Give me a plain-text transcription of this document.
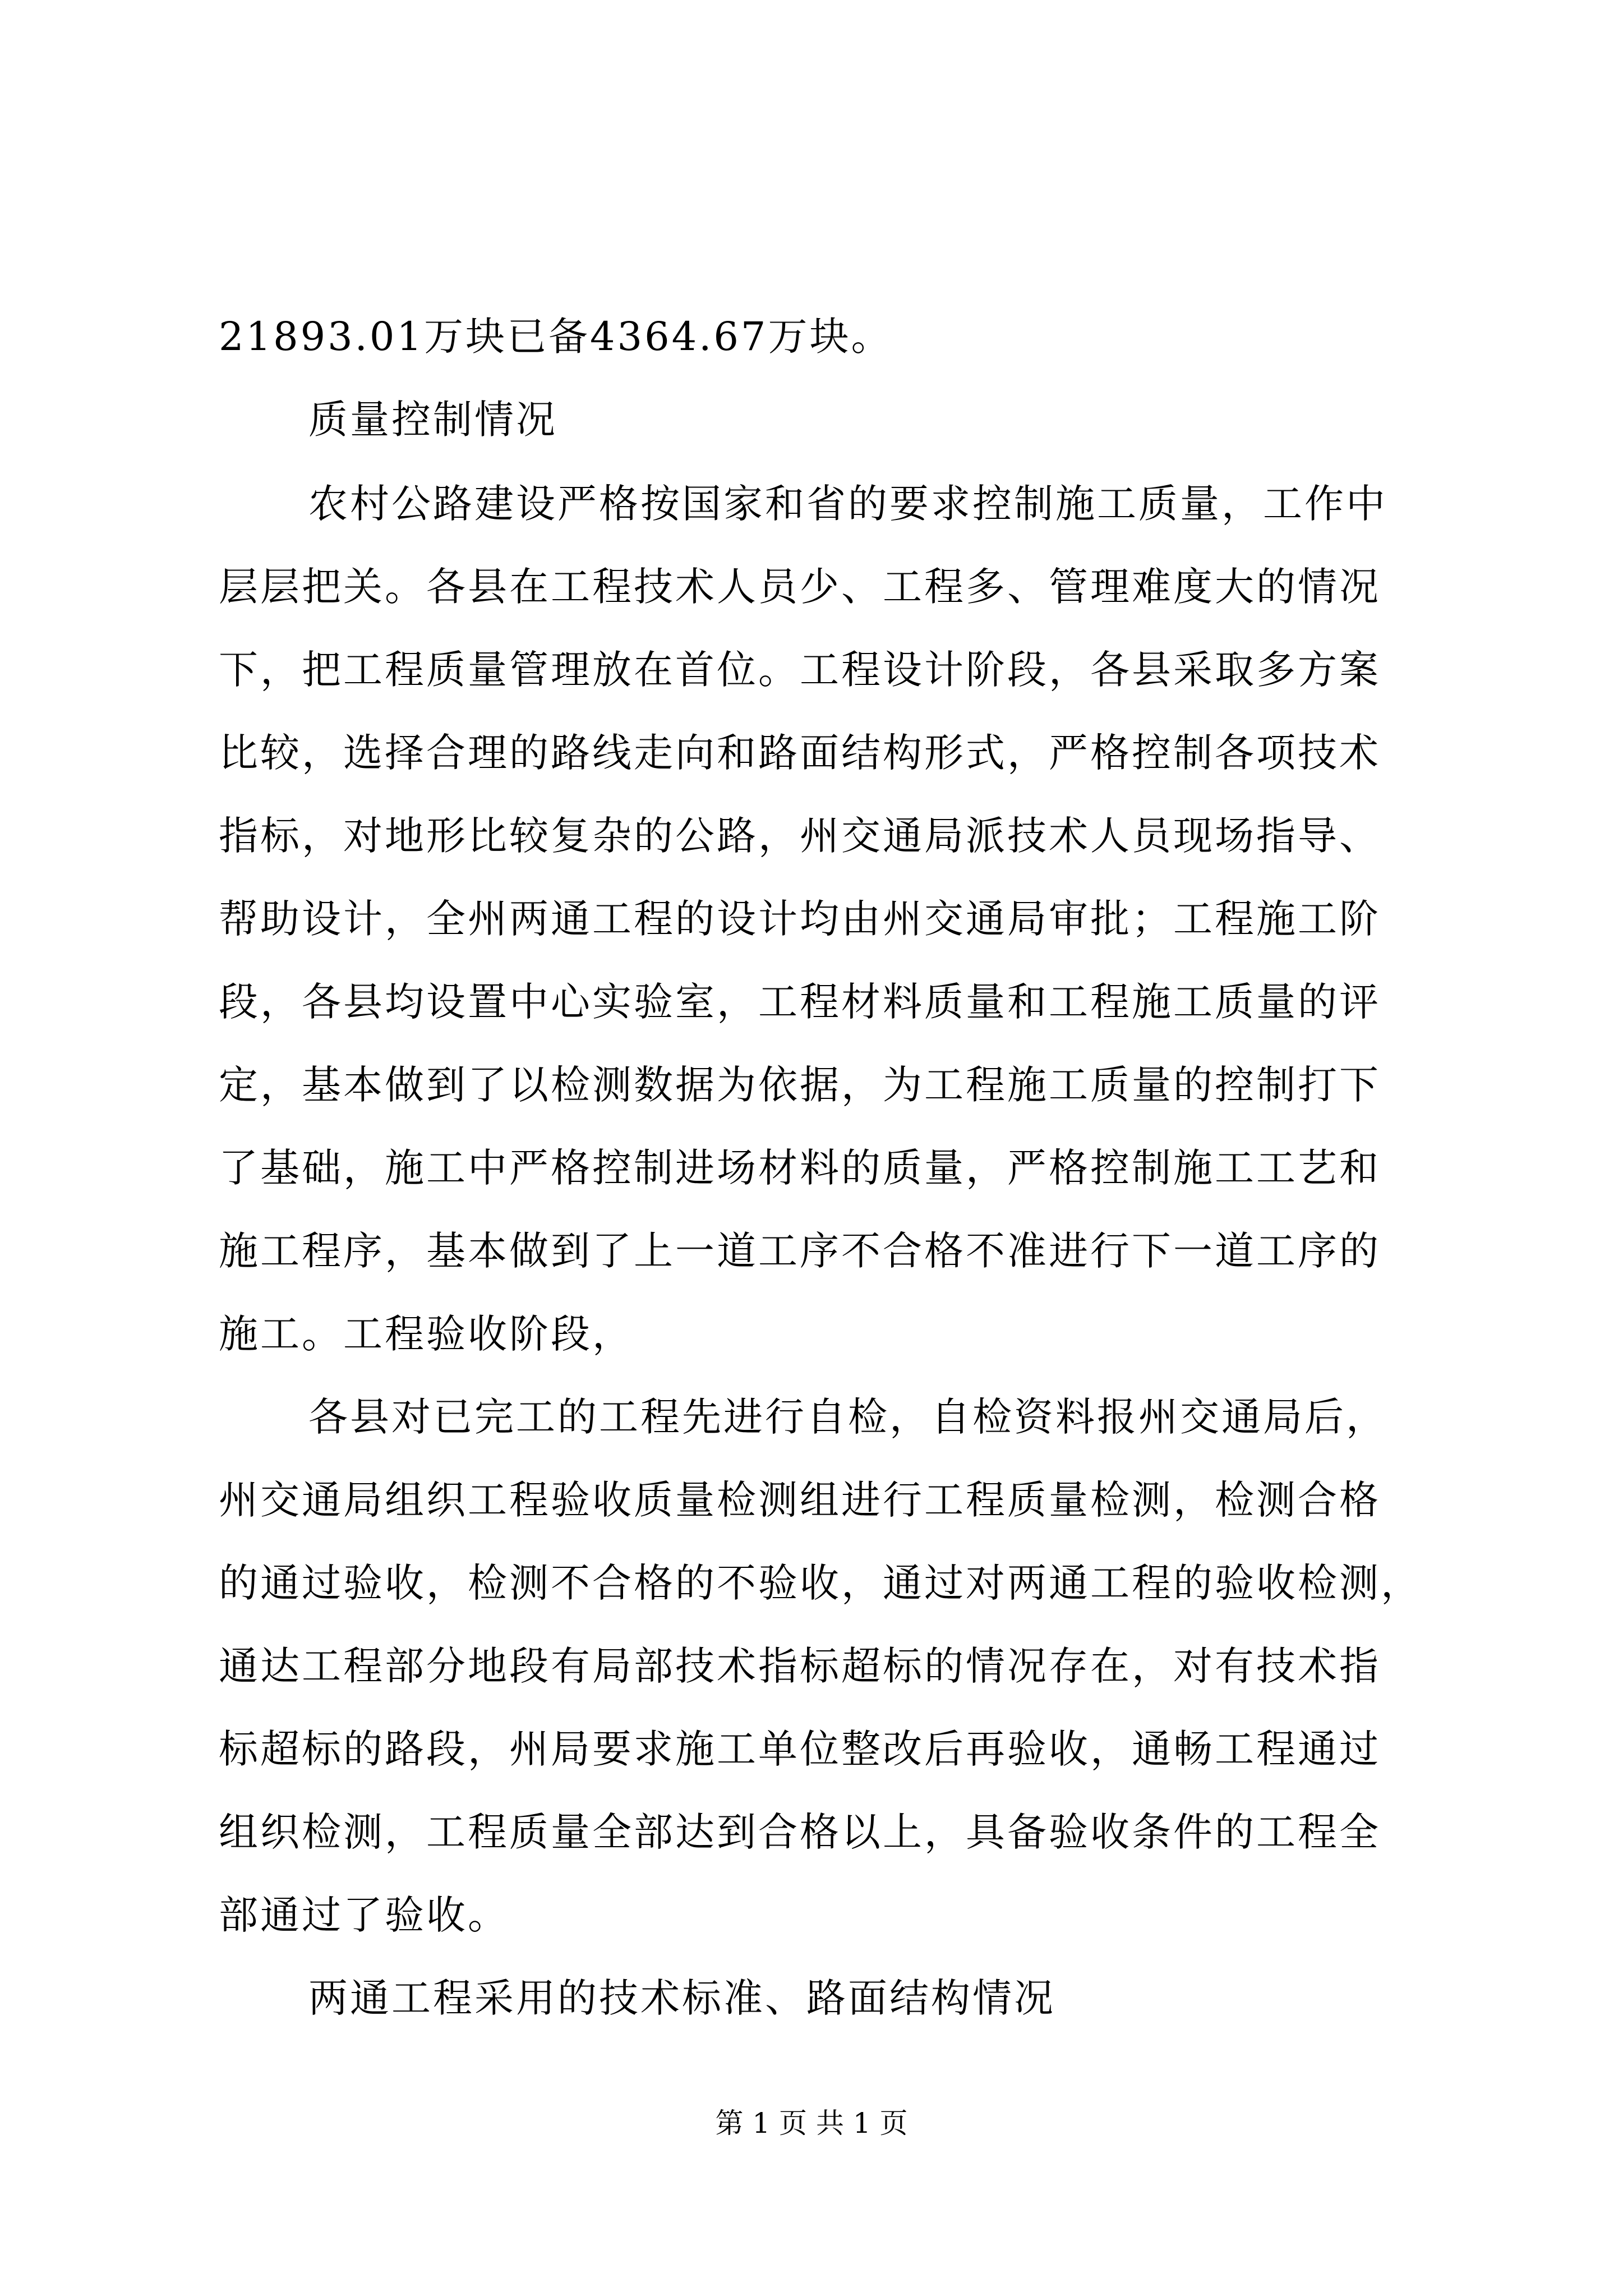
21893.01万块已备4364.67万块。
质量控制情况
农村公路建设严格按国家和省的要求控制施工质量，工作中
层层把关。各县在工程技术人员少、工程多、管理难度大的情况
下，把工程质量管理放在首位。工程设计阶段，各县采取多方案
比较，选择合理的路线走向和路面结构形式，严格控制各项技术
指标，对地形比较复杂的公路，州交通局派技术人员现场指导、
帮助设计，全州两通工程的设计均由州交通局审批；工程施工阶
段，各县均设置中心实验室，工程材料质量和工程施工质量的评
定，基本做到了以检测数据为依据，为工程施工质量的控制打下
了基础，施工中严格控制进场材料的质量，严格控制施工工艺和
施工程序，基本做到了上一道工序不合格不准进行下一道工序的
施工。工程验收阶段，
各县对已完工的工程先进行自检，自检资料报州交通局后，
州交通局组织工程验收质量检测组进行工程质量检测，检测合格
的通过验收，检测不合格的不验收，通过对两通工程的验收检测，
通达工程部分地段有局部技术指标超标的情况存在，对有技术指
标超标的路段，州局要求施工单位整改后再验收，通畅工程通过
组织检测，工程质量全部达到合格以上，具备验收条件的工程全
部通过了验收。
两通工程采用的技术标准、路面结构情况
第 1 页 共 1 页
